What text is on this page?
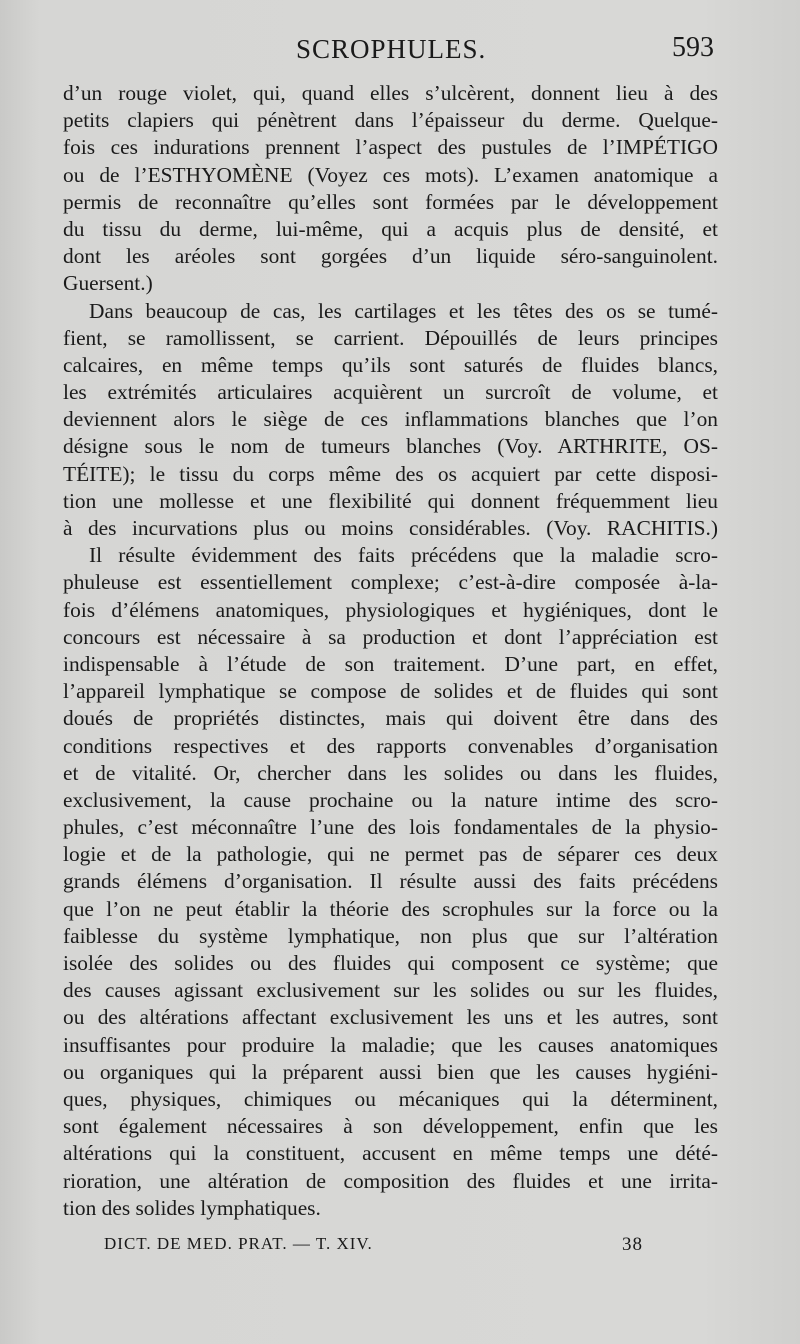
SCROPHULES.	593
d’un rouge violet, qui, quand elles s’ulcèrent, donnent lieu à des
petits clapiers qui pénètrent dans l’épaisseur du derme. Quelque-
fois ces indurations prennent l’aspect des pustules de l’IMPÉTIGO
ou de l’ESTHYOMÈNE (Voyez ces mots). L’examen anatomique a
permis de reconnaître qu’elles sont formées par le développement
du tissu du derme, lui-même, qui a acquis plus de densité, et
dont les aréoles sont gorgées d’un liquide séro-sanguinolent.
Guersent.)
Dans beaucoup de cas, les cartilages et les têtes des os se tumé-
fient, se ramollissent, se carrient. Dépouillés de leurs principes
calcaires, en même temps qu’ils sont saturés de fluides blancs,
les extrémités articulaires acquièrent un surcroît de volume, et
deviennent alors le siège de ces inflammations blanches que l’on
désigne sous le nom de tumeurs blanches (Voy. ARTHRITE, OS-
TÉITE); le tissu du corps même des os acquiert par cette disposi-
tion une mollesse et une flexibilité qui donnent fréquemment lieu
à des incurvations plus ou moins considérables. (Voy. RACHITIS.)
Il résulte évidemment des faits précédens que la maladie scro-
phuleuse est essentiellement complexe; c’est-à-dire composée à-la-
fois d’élémens anatomiques, physiologiques et hygiéniques, dont le
concours est nécessaire à sa production et dont l’appréciation est
indispensable à l’étude de son traitement. D’une part, en effet,
l’appareil lymphatique se compose de solides et de fluides qui sont
doués de propriétés distinctes, mais qui doivent être dans des
conditions respectives et des rapports convenables d’organisation
et de vitalité. Or, chercher dans les solides ou dans les fluides,
exclusivement, la cause prochaine ou la nature intime des scro-
phules, c’est méconnaître l’une des lois fondamentales de la physio-
logie et de la pathologie, qui ne permet pas de séparer ces deux
grands élémens d’organisation. Il résulte aussi des faits précédens
que l’on ne peut établir la théorie des scrophules sur la force ou la
faiblesse du système lymphatique, non plus que sur l’altération
isolée des solides ou des fluides qui composent ce système; que
des causes agissant exclusivement sur les solides ou sur les fluides,
ou des altérations affectant exclusivement les uns et les autres, sont
insuffisantes pour produire la maladie; que les causes anatomiques
ou organiques qui la préparent aussi bien que les causes hygiéni-
ques, physiques, chimiques ou mécaniques qui la déterminent,
sont également nécessaires à son développement, enfin que les
altérations qui la constituent, accusent en même temps une dété-
rioration, une altération de composition des fluides et une irrita-
tion des solides lymphatiques.
DICT. DE MED. PRAT. — T. XIV.	38
